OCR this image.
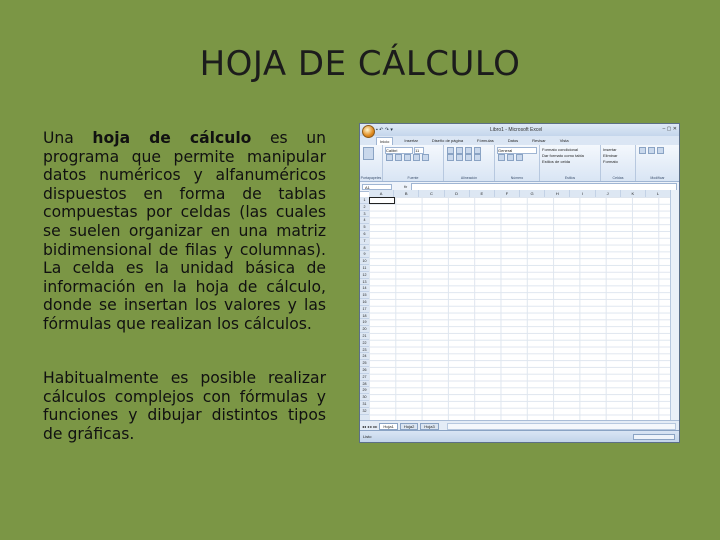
HOJA DE CÁLCULO
Una hoja de cálculo es un programa que permite manipular datos numéricos y alfanuméricos dispuestos en forma de tablas compuestas por celdas (las cuales se suelen organizar en una matriz bidimensional de filas y columnas). La celda es la unidad básica de información en la hoja de cálculo, donde se insertan los valores y las fórmulas que realizan los cálculos.
Habitualmente es posible realizar cálculos complejos con fórmulas y funciones y dibujar distintos tipos de gráficas.
▪ ↶ ↷ ▾	Libro1 - Microsoft Excel	– ▢ ✕
Inicio	Insertar	Diseño de página	Fórmulas	Datos	Revisar	Vista
Portapapeles
Calibri	11

Fuente	Alineación
General

Número
Formato condicional
Dar formato como tabla
Estilos de celda
Estilos
Insertar
Eliminar
Formato
Celdas	Modificar
A1	fx
A	B	C	D	E	F	G	H	I	J	K	L
1
2
3
4
5
6
7
8
9
10
11
12
13
14
15
16
17
18
19
20
21
22
23
24
25
26
27
28
29
30
31
32
◂◂ ◂ ▸ ▸▸	Hoja1	Hoja2	Hoja3
Listo
